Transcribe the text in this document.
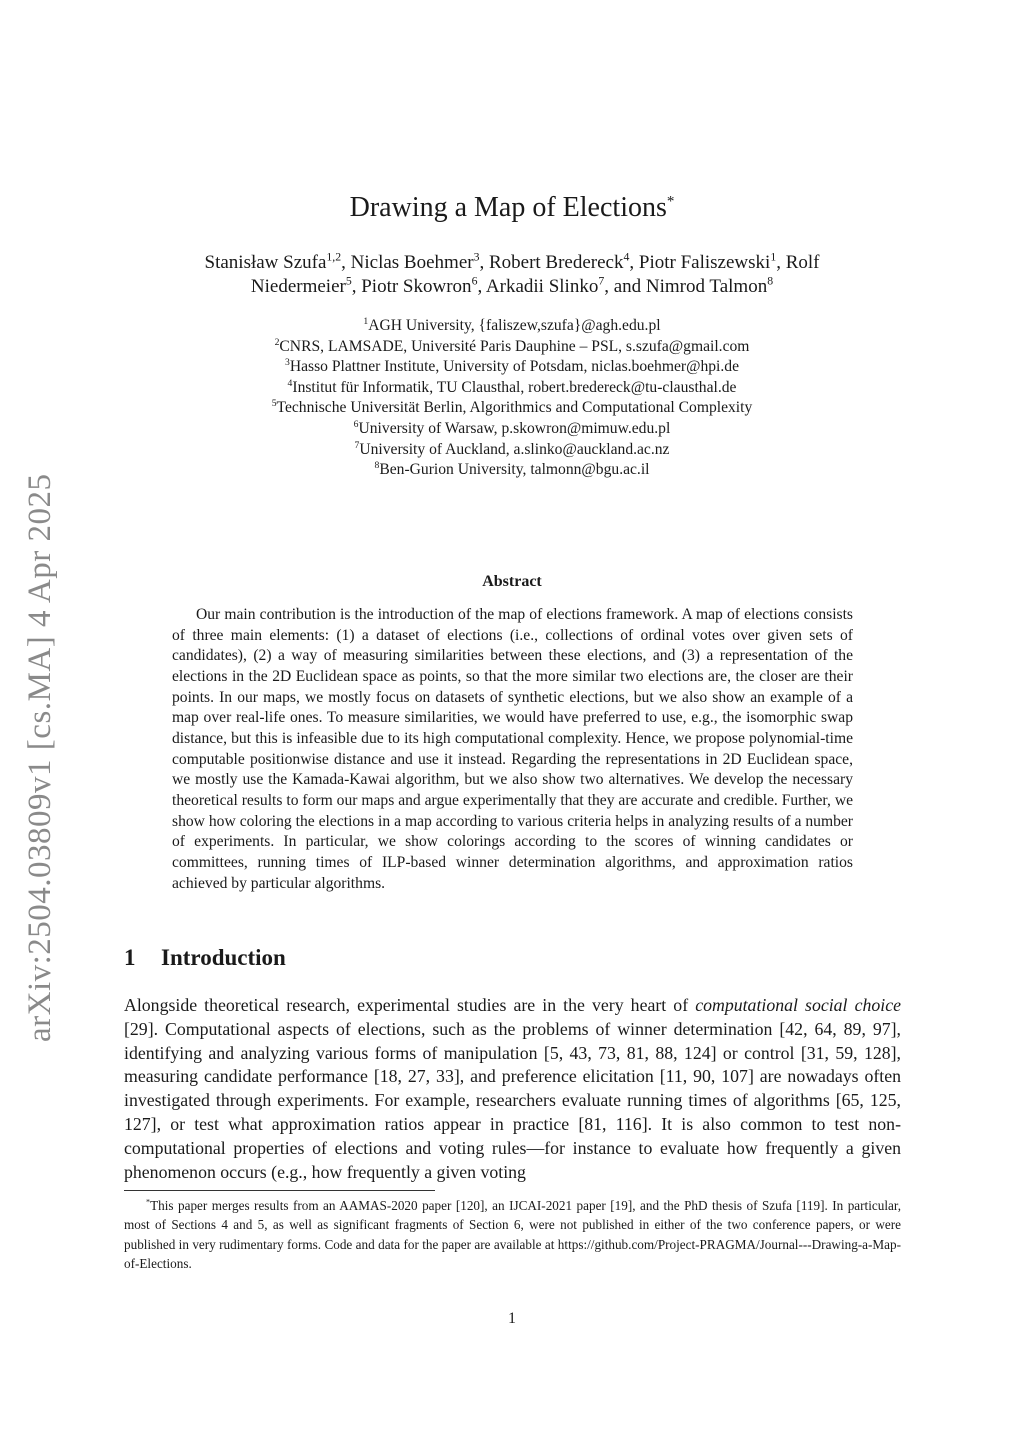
arXiv:2504.03809v1 [cs.MA] 4 Apr 2025
Drawing a Map of Elections*
Stanisław Szufa$^{1,2}$, Niclas Boehmer$^3$, Robert Bredereck$^4$, Piotr Faliszewski$^1$, Rolf
Niedermeier$^5$, Piotr Skowron$^6$, Arkadii Slinko$^7$, and Nimrod Talmon$^8$
$^1$AGH University, {faliszew,szufa}@agh.edu.pl
$^2$CNRS, LAMSADE, Université Paris Dauphine – PSL, s.szufa@gmail.com
$^3$Hasso Plattner Institute, University of Potsdam, niclas.boehmer@hpi.de
$^4$Institut für Informatik, TU Clausthal, robert.bredereck@tu-clausthal.de
$^5$Technische Universität Berlin, Algorithmics and Computational Complexity
$^6$University of Warsaw, p.skowron@mimuw.edu.pl
$^7$University of Auckland, a.slinko@auckland.ac.nz
$^8$Ben-Gurion University, talmonn@bgu.ac.il
Abstract

Our main contribution is the introduction of the map of elections framework. A map of elections consists of three main elements: (1) a dataset of elections (i.e., collections of ordinal votes over given sets of candidates), (2) a way of measuring similarities between these elections, and (3) a representation of the elections in the 2D Euclidean space as points, so that the more similar two elections are, the closer are their points. In our maps, we mostly focus on datasets of synthetic elections, but we also show an example of a map over real-life ones. To measure similarities, we would have preferred to use, e.g., the isomorphic swap distance, but this is infeasible due to its high computational complexity. Hence, we propose polynomial-time computable positionwise distance and use it instead. Regarding the representations in 2D Euclidean space, we mostly use the Kamada-Kawai algorithm, but we also show two alternatives. We develop the necessary theoretical results to form our maps and argue experimentally that they are accurate and credible. Further, we show how coloring the elections in a map according to various criteria helps in analyzing results of a number of experiments. In particular, we show colorings according to the scores of winning candidates or committees, running times of ILP-based winner determination algorithms, and approximation ratios achieved by particular algorithms.

1 Introduction

Alongside theoretical research, experimental studies are in the very heart of computational social choice [29]. Computational aspects of elections, such as the problems of winner determination [42, 64, 89, 97], identifying and analyzing various forms of manipulation [5, 43, 73, 81, 88, 124] or control [31, 59, 128], measuring candidate performance [18, 27, 33], and preference elicitation [11, 90, 107] are nowadays often investigated through experiments. For example, researchers evaluate running times of algorithms [65, 125, 127], or test what approximation ratios appear in practice [81, 116]. It is also common to test non-computational properties of elections and voting rules—for instance to evaluate how frequently a given phenomenon occurs (e.g., how frequently a given voting

*This paper merges results from an AAMAS-2020 paper [120], an IJCAI-2021 paper [19], and the PhD thesis of Szufa [119]. In particular, most of Sections 4 and 5, as well as significant fragments of Section 6, were not published in either of the two conference papers, or were published in very rudimentary forms. Code and data for the paper are available at https://github.com/Project-PRAGMA/Journal---Drawing-a-Map-of-Elections.

1
